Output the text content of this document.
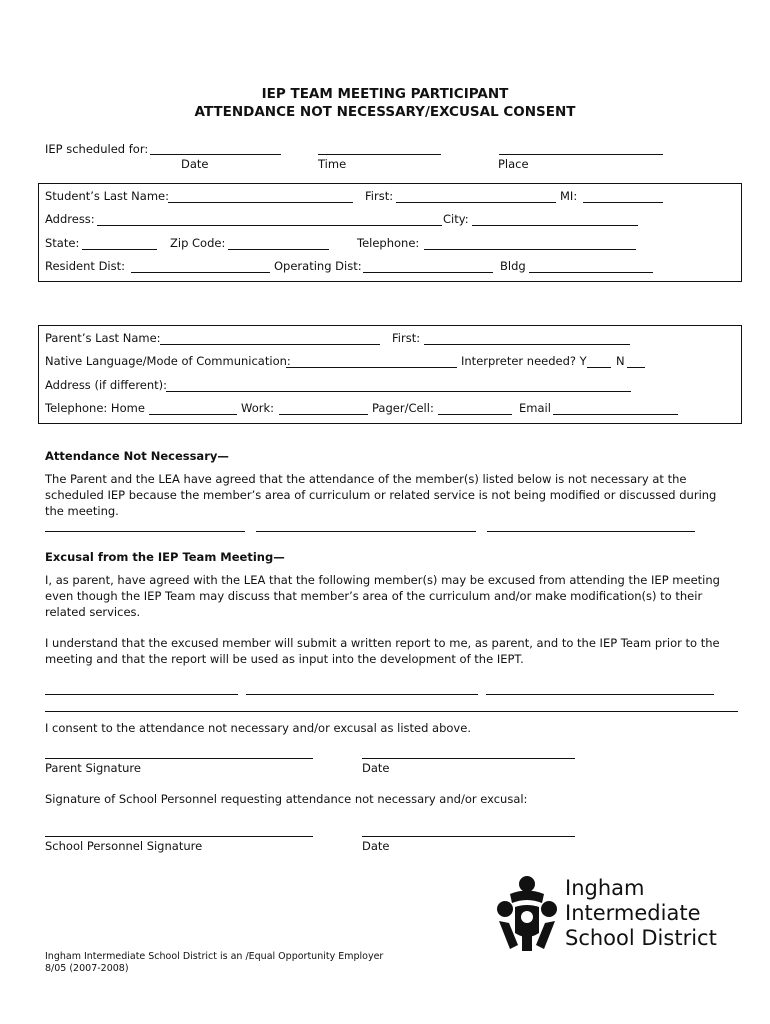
IEP TEAM MEETING PARTICIPANT
ATTENDANCE NOT NECESSARY/EXCUSAL CONSENT
IEP scheduled for:
Date	Time	Place
Student’s Last Name:	First:	MI:
Address:	City:
State:	Zip Code:	Telephone:
Resident Dist:	Operating Dist:	Bldg
Parent’s Last Name:	First:
Native Language/Mode of Communication:	Interpreter needed? Y	N
Address (if different):
Telephone: Home	Work:	Pager/Cell:	Email
Attendance Not Necessary—
The Parent and the LEA have agreed that the attendance of the member(s) listed below is not necessary at the scheduled IEP because the member’s area of curriculum or related service is not being modified or discussed during the meeting.
Excusal from the IEP Team Meeting—
I, as parent, have agreed with the LEA that the following member(s) may be excused from attending the IEP meeting even though the IEP Team may discuss that member’s area of the curriculum and/or make modification(s) to their related services.
I understand that the excused member will submit a written report to me, as parent, and to the IEP Team prior to the meeting and that the report will be used as input into the development of the IEPT.
I consent to the attendance not necessary and/or excusal as listed above.
Parent Signature	Date
Signature of School Personnel requesting attendance not necessary and/or excusal:
School Personnel Signature	Date
Ingham
Intermediate
School District
Ingham Intermediate School District is an /Equal Opportunity Employer
8/05 (2007-2008)
